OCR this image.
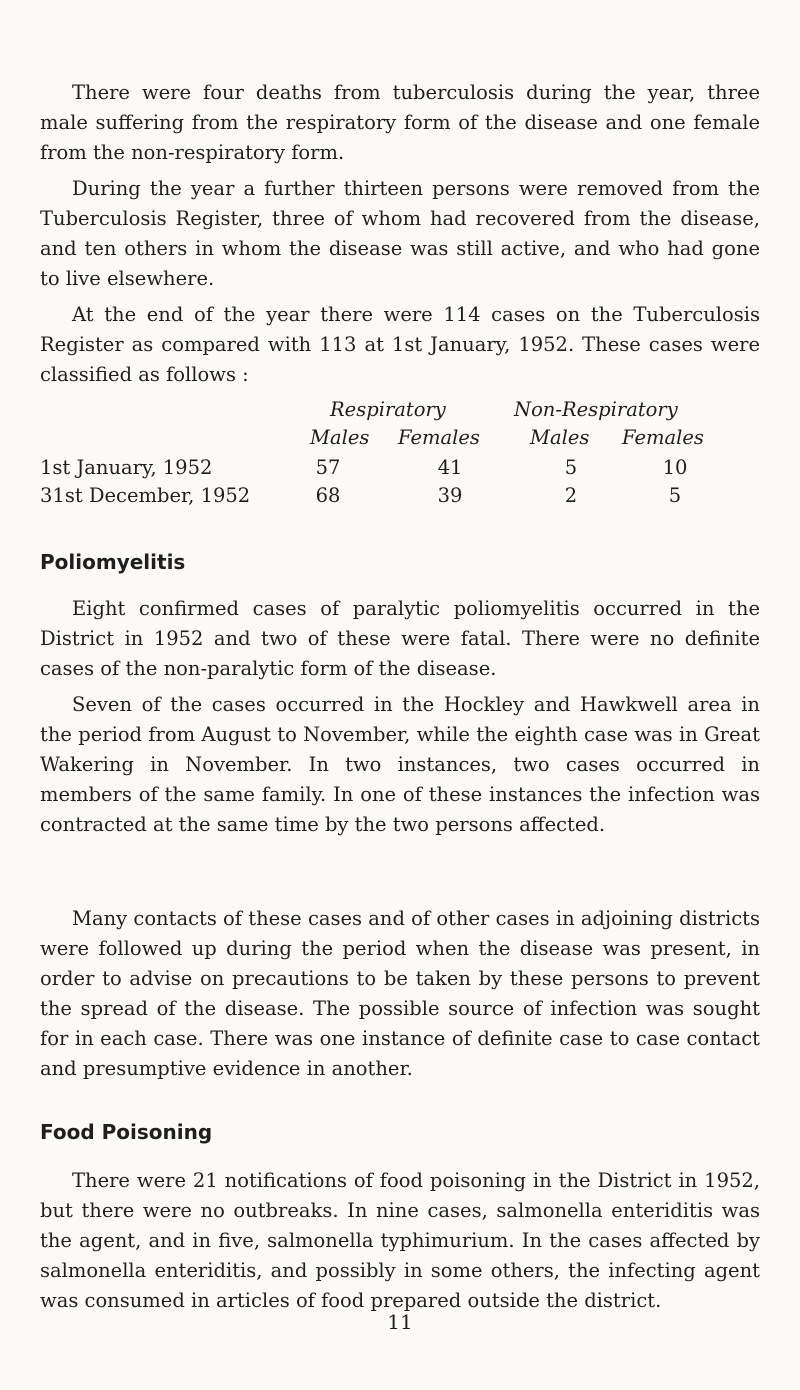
There were four deaths from tuberculosis during the year, three male suffering from the respiratory form of the disease and one female from the non-respiratory form.

During the year a further thirteen persons were removed from the Tuberculosis Register, three of whom had recovered from the disease, and ten others in whom the disease was still active, and who had gone to live elsewhere.

At the end of the year there were 114 cases on the Tuberculosis Register as compared with 113 at 1st January, 1952. These cases were classified as follows :

Respiratory	Non-Respiratory
Males Females	Males Females
1st January, 1952	57	41	5	10
31st December, 1952	68	39	2	5
Poliomyelitis

Eight confirmed cases of paralytic poliomyelitis occurred in the District in 1952 and two of these were fatal. There were no definite cases of the non-paralytic form of the disease.

Seven of the cases occurred in the Hockley and Hawkwell area in the period from August to November, while the eighth case was in Great Wakering in November. In two instances, two cases occurred in members of the same family. In one of these instances the infection was contracted at the same time by the two persons affected.

Many contacts of these cases and of other cases in adjoining districts were followed up during the period when the disease was present, in order to advise on precautions to be taken by these persons to prevent the spread of the disease. The possible source of infection was sought for in each case. There was one instance of definite case to case contact and presumptive evidence in another.

Food Poisoning

There were 21 notifications of food poisoning in the District in 1952, but there were no outbreaks. In nine cases, salmonella enteriditis was the agent, and in five, salmonella typhimurium. In the cases affected by salmonella enteriditis, and possibly in some others, the infecting agent was consumed in articles of food prepared outside the district.

11
